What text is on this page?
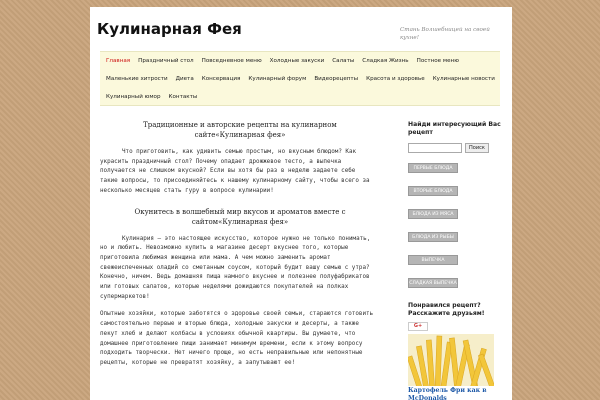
Кулинарная Фея	Стань Волшебницей на своей кухне!
Главная Праздничный стол Повседневное меню Холодные закуски Салаты Сладкая Жизнь Постное меню
Маленькие хитрости Диета Консервация Кулинарный форум Видеорецепты Красота и здоровье Кулинарные новости
Кулинарный юмор Контакты
Традиционные и авторские рецепты на кулинарном сайте«Кулинарная фея»
Что приготовить, как удивить семью простым, но вкусным блюдом? Как украсить праздничный стол? Почему опадает дрожжевое тесто, а выпечка получается не слишком вкусной? Если вы хотя бы раз в неделю задаете себе такие вопросы, то присоединяйтесь к нашему кулинарному сайту, чтобы всего за несколько месяцев стать гуру в вопросе кулинарии!
Окунитесь в волшебный мир вкусов и ароматов вместе с сайтом«Кулинарная фея»
Кулинария – это настоящее искусство, которое нужно не только понимать, но и любить. Невозможно купить в магазине десерт вкуснее того, которые приготовила любимая женщина или мама. А чем можно заменить аромат свежеиспеченных оладий со сметанным соусом, который будит вашу семью с утра? Конечно, ничем. Ведь домашняя пища намного вкуснее и полезнее полуфабрикатов или готовых салатов, которые неделями дожидаются покупателей на полках супермаркетов!
Опытные хозяйки, которые заботятся о здоровье своей семьи, стараются готовить самостоятельно первые и вторые блюда, холодные закуски и десерты, а также пекут хлеб и делают колбасы в условиях обычной квартиры. Вы думаете, что домашнее приготовление пищи занимает минимум времени, если к этому вопросу подходить творчески. Нет ничего проще, но есть неправильные или непонятные рецепты, которые не превратят хозяйку, а запутывают ее!
Найди интересующий Вас рецепт
Поиск
ПЕРВЫЕ БЛЮДА
ВТОРЫЕ БЛЮДА
БЛЮДА ИЗ МЯСА
БЛЮДА ИЗ РЫБЫ
ВЫПЕЧКА
СЛАДКАЯ ВЫПЕЧКА
Понравился рецепт? Расскажите друзьям!
G+
Картофель Фри как в McDonalds
